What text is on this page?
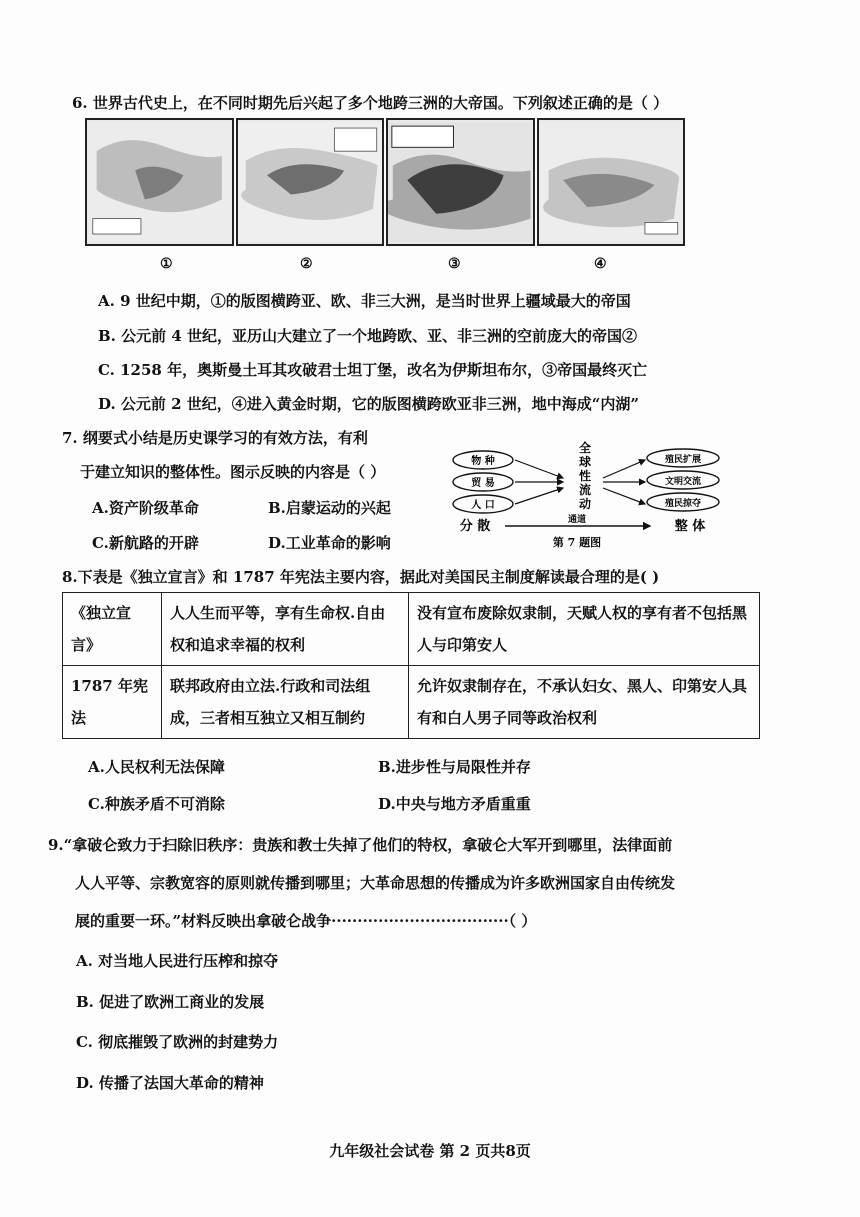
6. 世界古代史上，在不同时期先后兴起了多个地跨三洲的大帝国。下列叙述正确的是（ ）
①	②	③	④
A. 9 世纪中期，①的版图横跨亚、欧、非三大洲，是当时世界上疆域最大的帝国
B. 公元前 4 世纪，亚历山大建立了一个地跨欧、亚、非三洲的空前庞大的帝国②
C. 1258 年，奥斯曼土耳其攻破君士坦丁堡，改名为伊斯坦布尔，③帝国最终灭亡
D. 公元前 2 世纪，④进入黄金时期，它的版图横跨欧亚非三洲，地中海成“内湖”
7. 纲要式小结是历史课学习的有效方法，有利
于建立知识的整体性。图示反映的内容是（ ）
A.资产阶级革命	B.启蒙运动的兴起
C.新航路的开辟	D.工业革命的影响
物 种
贸 易
人 口
分 散
全
球
性
流
动
殖民扩展
文明交流
殖民掠夺
通道	整 体
第 7 题图
8.下表是《独立宣言》和 1787 年宪法主要内容，据此对美国民主制度解读最合理的是( )
《独立宣言》	人人生而平等，享有生命权.自由权和追求幸福的权利	没有宣布废除奴隶制，天赋人权的享有者不包括黑人与印第安人
1787 年宪法	联邦政府由立法.行政和司法组成，三者相互独立又相互制约	允许奴隶制存在，不承认妇女、黑人、印第安人具有和白人男子同等政治权利
A.人民权利无法保障	B.进步性与局限性并存
C.种族矛盾不可消除	D.中央与地方矛盾重重
9.“拿破仑致力于扫除旧秩序：贵族和教士失掉了他们的特权，拿破仑大军开到哪里，法律面前
人人平等、宗教宽容的原则就传播到哪里；大革命思想的传播成为许多欧洲国家自由传统发
展的重要一环。”材料反映出拿破仑战争··································（ ）
A. 对当地人民进行压榨和掠夺
B. 促进了欧洲工商业的发展
C. 彻底摧毁了欧洲的封建势力
D. 传播了法国大革命的精神
九年级社会试卷 第 2 页共8页
